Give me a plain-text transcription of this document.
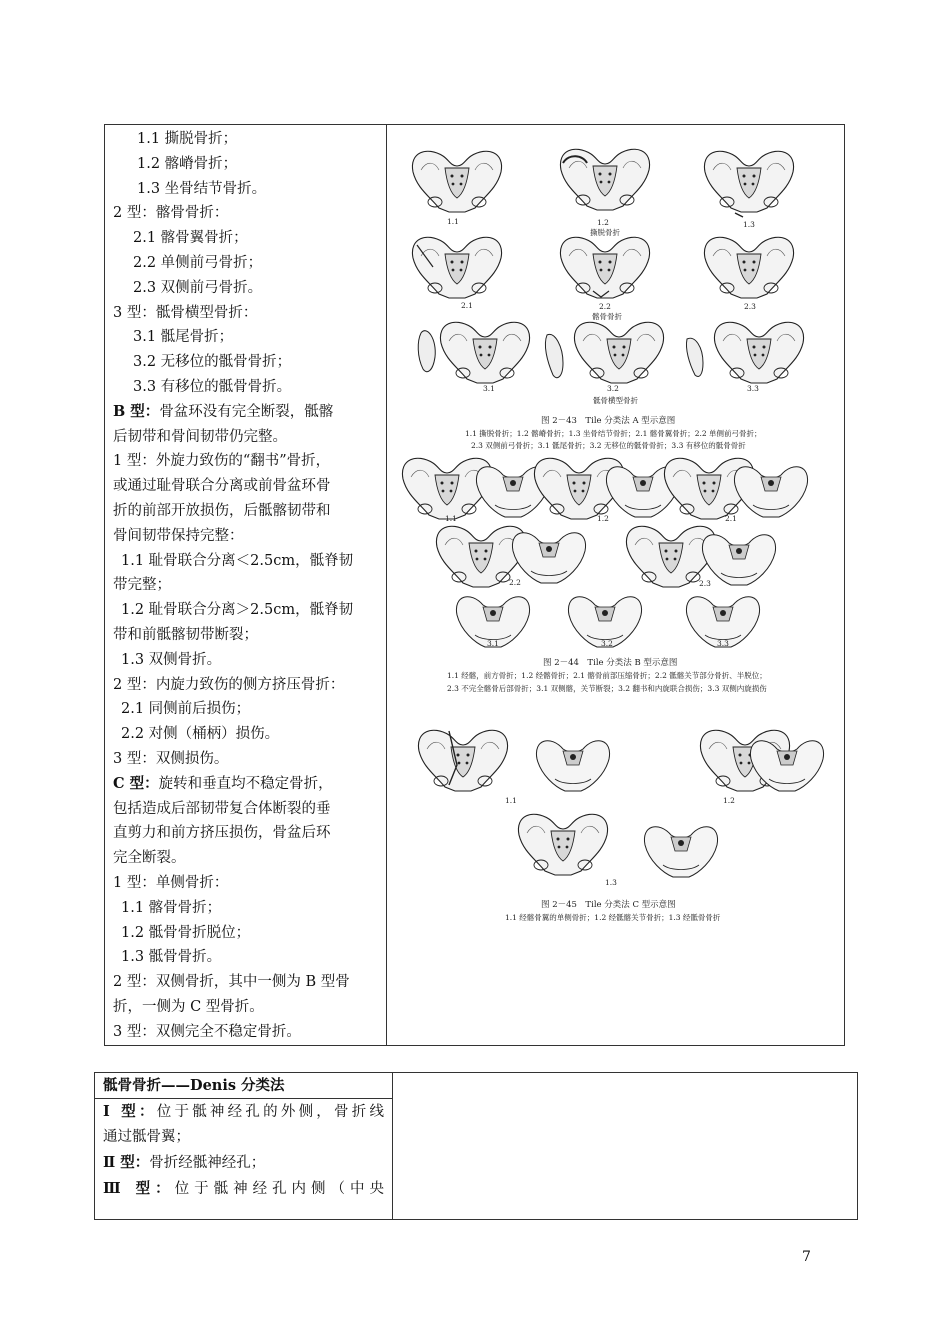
1.1 撕脱骨折；
1.2 髂嵴骨折；
1.3 坐骨结节骨折。
2 型：髂骨骨折：
2.1 髂骨翼骨折；
2.2 单侧前弓骨折；
2.3 双侧前弓骨折。
3 型：骶骨横型骨折：
3.1 骶尾骨折；
3.2 无移位的骶骨骨折；
3.3 有移位的骶骨骨折。
B 型：骨盆环没有完全断裂，骶髂
后韧带和骨间韧带仍完整。
1 型：外旋力致伤的“翻书”骨折，
或通过耻骨联合分离或前骨盆环骨
折的前部开放损伤，后骶髂韧带和
骨间韧带保持完整：
1.1 耻骨联合分离＜2.5cm，骶脊韧
带完整；
1.2 耻骨联合分离＞2.5cm，骶脊韧
带和前骶髂韧带断裂；
1.3 双侧骨折。
2 型：内旋力致伤的侧方挤压骨折：
2.1 同侧前后损伤；
2.2 对侧（桶柄）损伤。
3 型：双侧损伤。
C 型：旋转和垂直均不稳定骨折，
包括造成后部韧带复合体断裂的垂
直剪力和前方挤压损伤，骨盆后环
完全断裂。
1 型：单侧骨折：
1.1 髂骨骨折；
1.2 骶骨骨折脱位；
1.3 骶骨骨折。
2 型：双侧骨折，其中一侧为 B 型骨
折，一侧为 C 型骨折。
3 型：双侧完全不稳定骨折。
1.1	1.2	1.3
撕脱骨折
2.1	2.2	2.3
髂骨骨折
3.1	3.2	3.3
骶骨横型骨折
图 2－43　Tile 分类法 A 型示意图
1.1 撕脱骨折；1.2 髂嵴骨折；1.3 坐骨结节骨折；2.1 髂骨翼骨折；2.2 单侧前弓骨折；
2.3 双侧前弓骨折；3.1 骶尾骨折；3.2 无移位的骶骨骨折；3.3 有移位的骶骨骨折
1.1	1.2	2.1
2.2	2.3
3.1	3.2	3.3
图 2－44　Tile 分类法 B 型示意图
1.1 经髂，前方骨折；1.2 经髂骨折；2.1 髂骨前部压缩骨折；2.2 骶髂关节部分骨折、半脱位；
2.3 不完全髂骨后部骨折；3.1 双侧髂，关节断裂；3.2 翻书和内旋联合损伤；3.3 双侧内旋损伤
1.1	1.2
1.3
图 2－45　Tile 分类法 C 型示意图
1.1 经髂骨翼的单侧骨折；1.2 经骶髂关节骨折；1.3 经骶骨骨折
骶骨骨折——Denis 分类法
Ⅰ 型：位于骶神经孔的外侧，骨折线
通过骶骨翼；
Ⅱ 型：骨折经骶神经孔；
Ⅲ 型：位于骶神经孔内侧（中央
7
